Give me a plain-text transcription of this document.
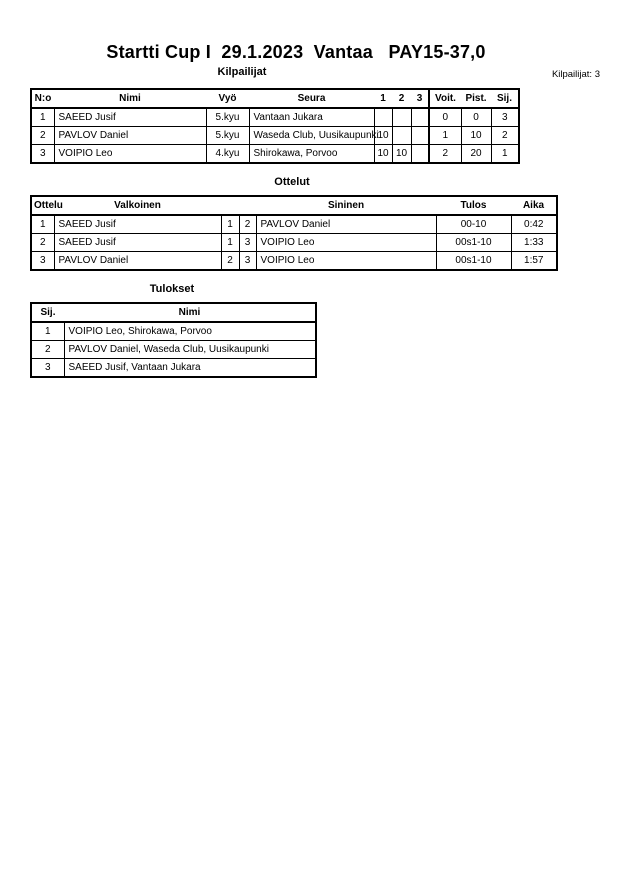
Startti Cup I  29.1.2023  Vantaa   PAY15-37,0
Kilpailijat	Kilpailijat: 3
N:o	Nimi	Vyö	Seura	1	2	3	Voit.	Pist.	Sij.
1	SAEED Jusif	5.kyu	Vantaan Jukara				0	0	3
2	PAVLOV Daniel	5.kyu	Waseda Club, Uusikaupunki	10			1	10	2
3	VOIPIO Leo	4.kyu	Shirokawa, Porvoo	10	10		2	20	1
Ottelut
Ottelu	Valkoinen			Sininen	Tulos	Aika
1	SAEED Jusif	1	2	PAVLOV Daniel	00-10	0:42
2	SAEED Jusif	1	3	VOIPIO Leo	00s1-10	1:33
3	PAVLOV Daniel	2	3	VOIPIO Leo	00s1-10	1:57
Tulokset
Sij.	Nimi
1	VOIPIO Leo, Shirokawa, Porvoo
2	PAVLOV Daniel, Waseda Club, Uusikaupunki
3	SAEED Jusif, Vantaan Jukara
